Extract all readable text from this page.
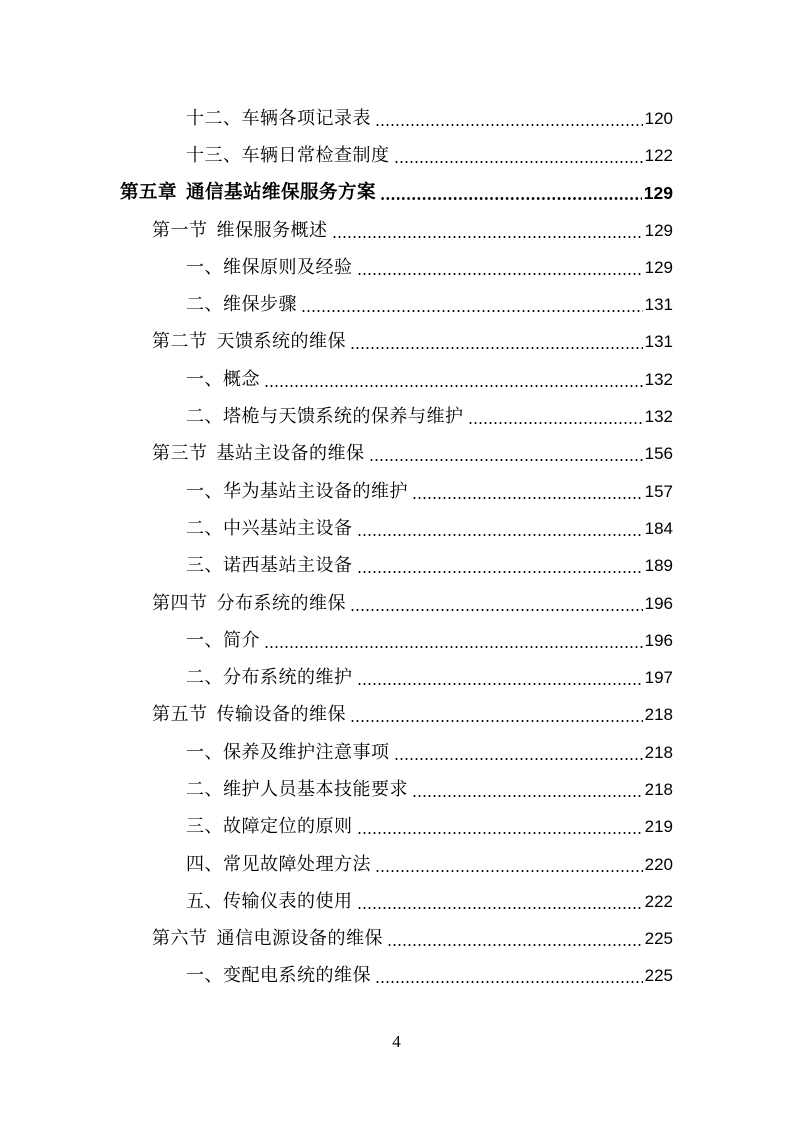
十二、车辆各项记录表	120
十三、车辆日常检查制度	122
第五章 通信基站维保服务方案	129
第一节 维保服务概述	129
一、维保原则及经验	129
二、维保步骤	131
第二节 天馈系统的维保	131
一、概念	132
二、塔桅与天馈系统的保养与维护	132
第三节 基站主设备的维保	156
一、华为基站主设备的维护	157
二、中兴基站主设备	184
三、诺西基站主设备	189
第四节 分布系统的维保	196
一、简介	196
二、分布系统的维护	197
第五节 传输设备的维保	218
一、保养及维护注意事项	218
二、维护人员基本技能要求	218
三、故障定位的原则	219
四、常见故障处理方法	220
五、传输仪表的使用	222
第六节 通信电源设备的维保	225
一、变配电系统的维保	225
4
